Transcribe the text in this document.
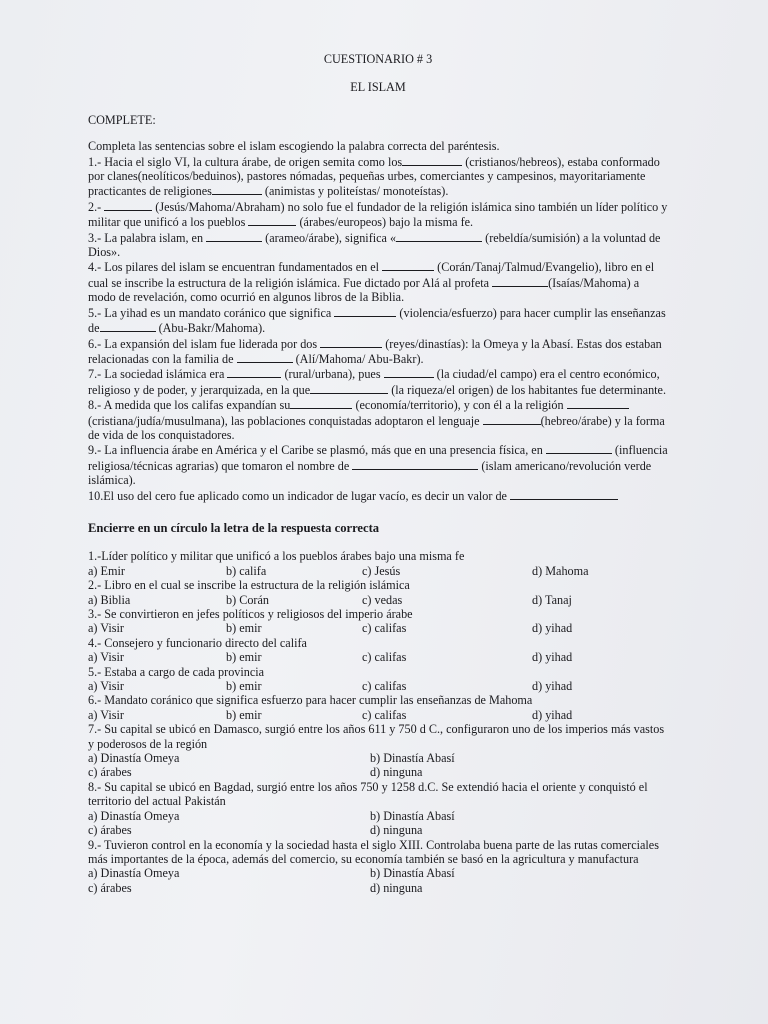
CUESTIONARIO # 3

EL ISLAM

COMPLETE:

Completa las sentencias sobre el islam escogiendo la palabra correcta del paréntesis.

1.- Hacia el siglo VI, la cultura árabe, de origen semita como los	(cristianos/hebreos), estaba conformado por clanes(neolíticos/beduinos), pastores nómadas, pequeñas urbes, comerciantes y campesinos, mayoritariamente practicantes de religiones	(animistas y politeístas/ monoteístas).

2.-	(Jesús/Mahoma/Abraham) no solo fue el fundador de la religión islámica sino también un líder político y militar que unificó a los pueblos	(árabes/europeos) bajo la misma fe.

3.- La palabra islam, en	(arameo/árabe), significa «	(rebeldía/sumisión) a la voluntad de Dios».

4.- Los pilares del islam se encuentran fundamentados en el	(Corán/Tanaj/Talmud/Evangelio), libro en el cual se inscribe la estructura de la religión islámica. Fue dictado por Alá al profeta	(Isaías/Mahoma) a modo de revelación, como ocurrió en algunos libros de la Biblia.

5.- La yihad es un mandato coránico que significa	(violencia/esfuerzo) para hacer cumplir las enseñanzas de	(Abu-Bakr/Mahoma).

6.- La expansión del islam fue liderada por dos	(reyes/dinastías): la Omeya y la Abasí. Estas dos estaban relacionadas con la familia de	(Alí/Mahoma/ Abu-Bakr).

7.- La sociedad islámica era	(rural/urbana), pues	(la ciudad/el campo) era el centro económico, religioso y de poder, y jerarquizada, en la que	(la riqueza/el origen) de los habitantes fue determinante.

8.- A medida que los califas expandían su	(economía/territorio), y con él a la religión  (cristiana/judía/musulmana), las poblaciones conquistadas adoptaron el lenguaje	(hebreo/árabe) y la forma de vida de los conquistadores.

9.- La influencia árabe en América y el Caribe se plasmó, más que en una presencia física, en	(influencia religiosa/técnicas agrarias) que tomaron el nombre de	(islam americano/revolución verde islámica).

10.El uso del cero fue aplicado como un indicador de lugar vacío, es decir un valor de

Encierre en un círculo la letra de la respuesta correcta

1.-Líder político y militar que unificó a los pueblos árabes bajo una misma fe

a) Emir	b) califa	c) Jesús	d) Mahoma

2.- Libro en el cual se inscribe la estructura de la religión islámica

a) Biblia	b) Corán	c) vedas	d) Tanaj

3.- Se convirtieron en jefes políticos y religiosos del imperio árabe

a) Visir	b) emir	c) califas	d) yihad

4.- Consejero y funcionario directo del califa

a) Visir	b) emir	c) califas	d) yihad

5.- Estaba a cargo de cada provincia

a) Visir	b) emir	c) califas	d) yihad

6.- Mandato coránico que significa esfuerzo para hacer cumplir las enseñanzas de Mahoma

a) Visir	b) emir	c) califas	d) yihad

7.- Su capital se ubicó en Damasco, surgió entre los años 611 y 750 d C., configuraron uno de los imperios más vastos y poderosos de la región

a) Dinastía Omeya	b) Dinastía Abasí
c) árabes	d) ninguna

8.- Su capital se ubicó en Bagdad, surgió entre los años 750 y 1258 d.C. Se extendió hacia el oriente y conquistó el territorio del actual Pakistán

a) Dinastía Omeya	b) Dinastía Abasí
c) árabes	d) ninguna

9.- Tuvieron control en la economía y la sociedad hasta el siglo XIII. Controlaba buena parte de las rutas comerciales más importantes de la época, además del comercio, su economía también se basó en la agricultura y manufactura

a) Dinastía Omeya	b) Dinastía Abasí
c) árabes	d) ninguna
